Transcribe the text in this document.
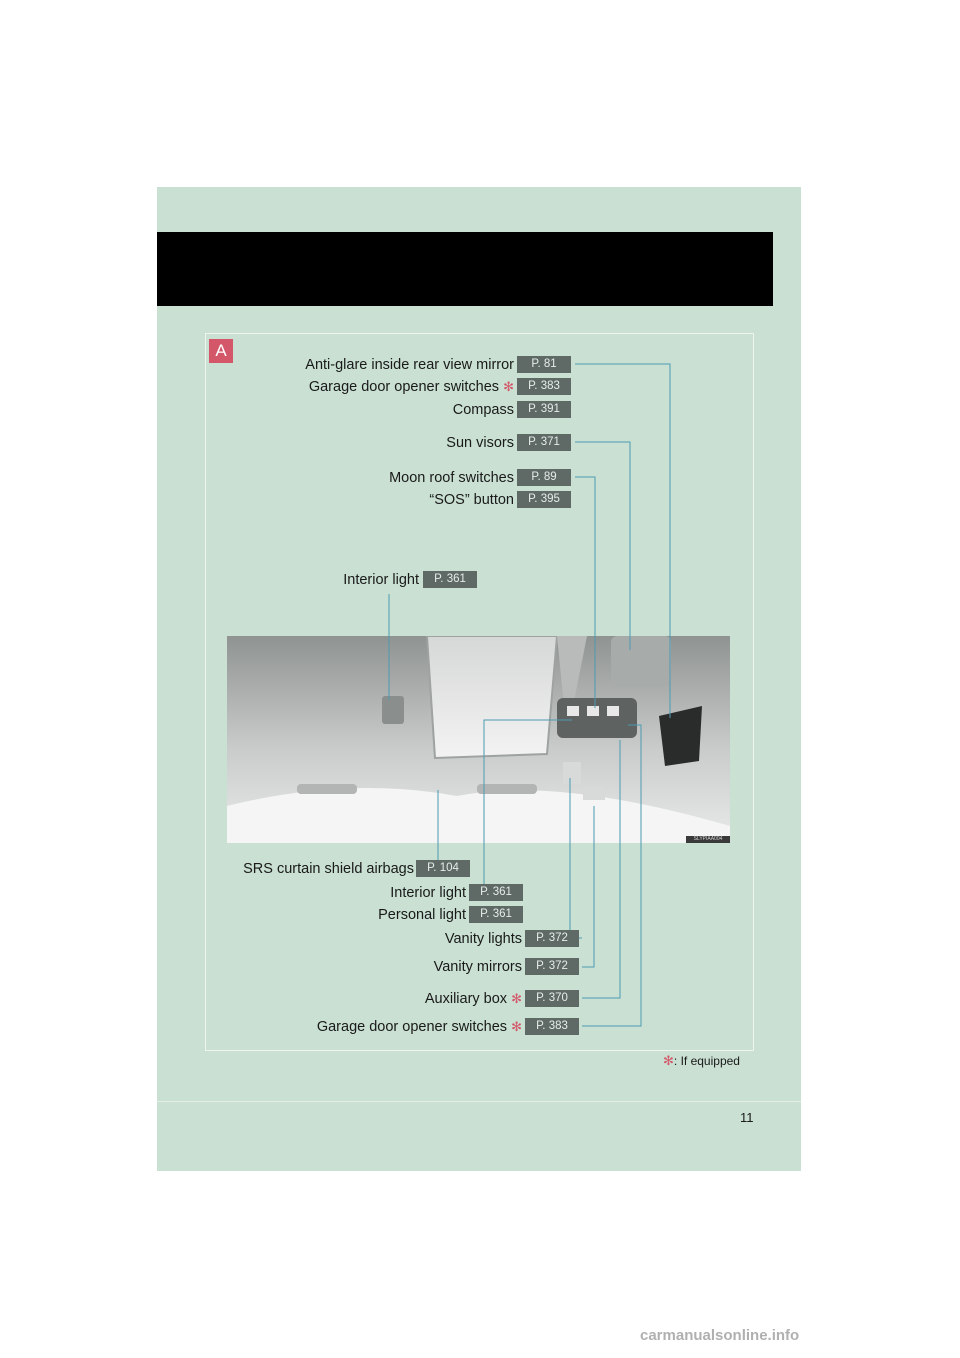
A
Anti-glare inside rear view mirror	P. 81
Garage door opener switches ✻	P. 383
Compass	P. 391
Sun visors	P. 371
Moon roof switches	P. 89
“SOS” button	P. 395
Interior light	P. 361
SLYPIAA004
SRS curtain shield airbags	P. 104
Interior light	P. 361
Personal light	P. 361
Vanity lights	P. 372
Vanity mirrors	P. 372
Auxiliary box ✻	P. 370
Garage door opener switches ✻	P. 383
✻: If equipped
11
carmanualsonline.info
